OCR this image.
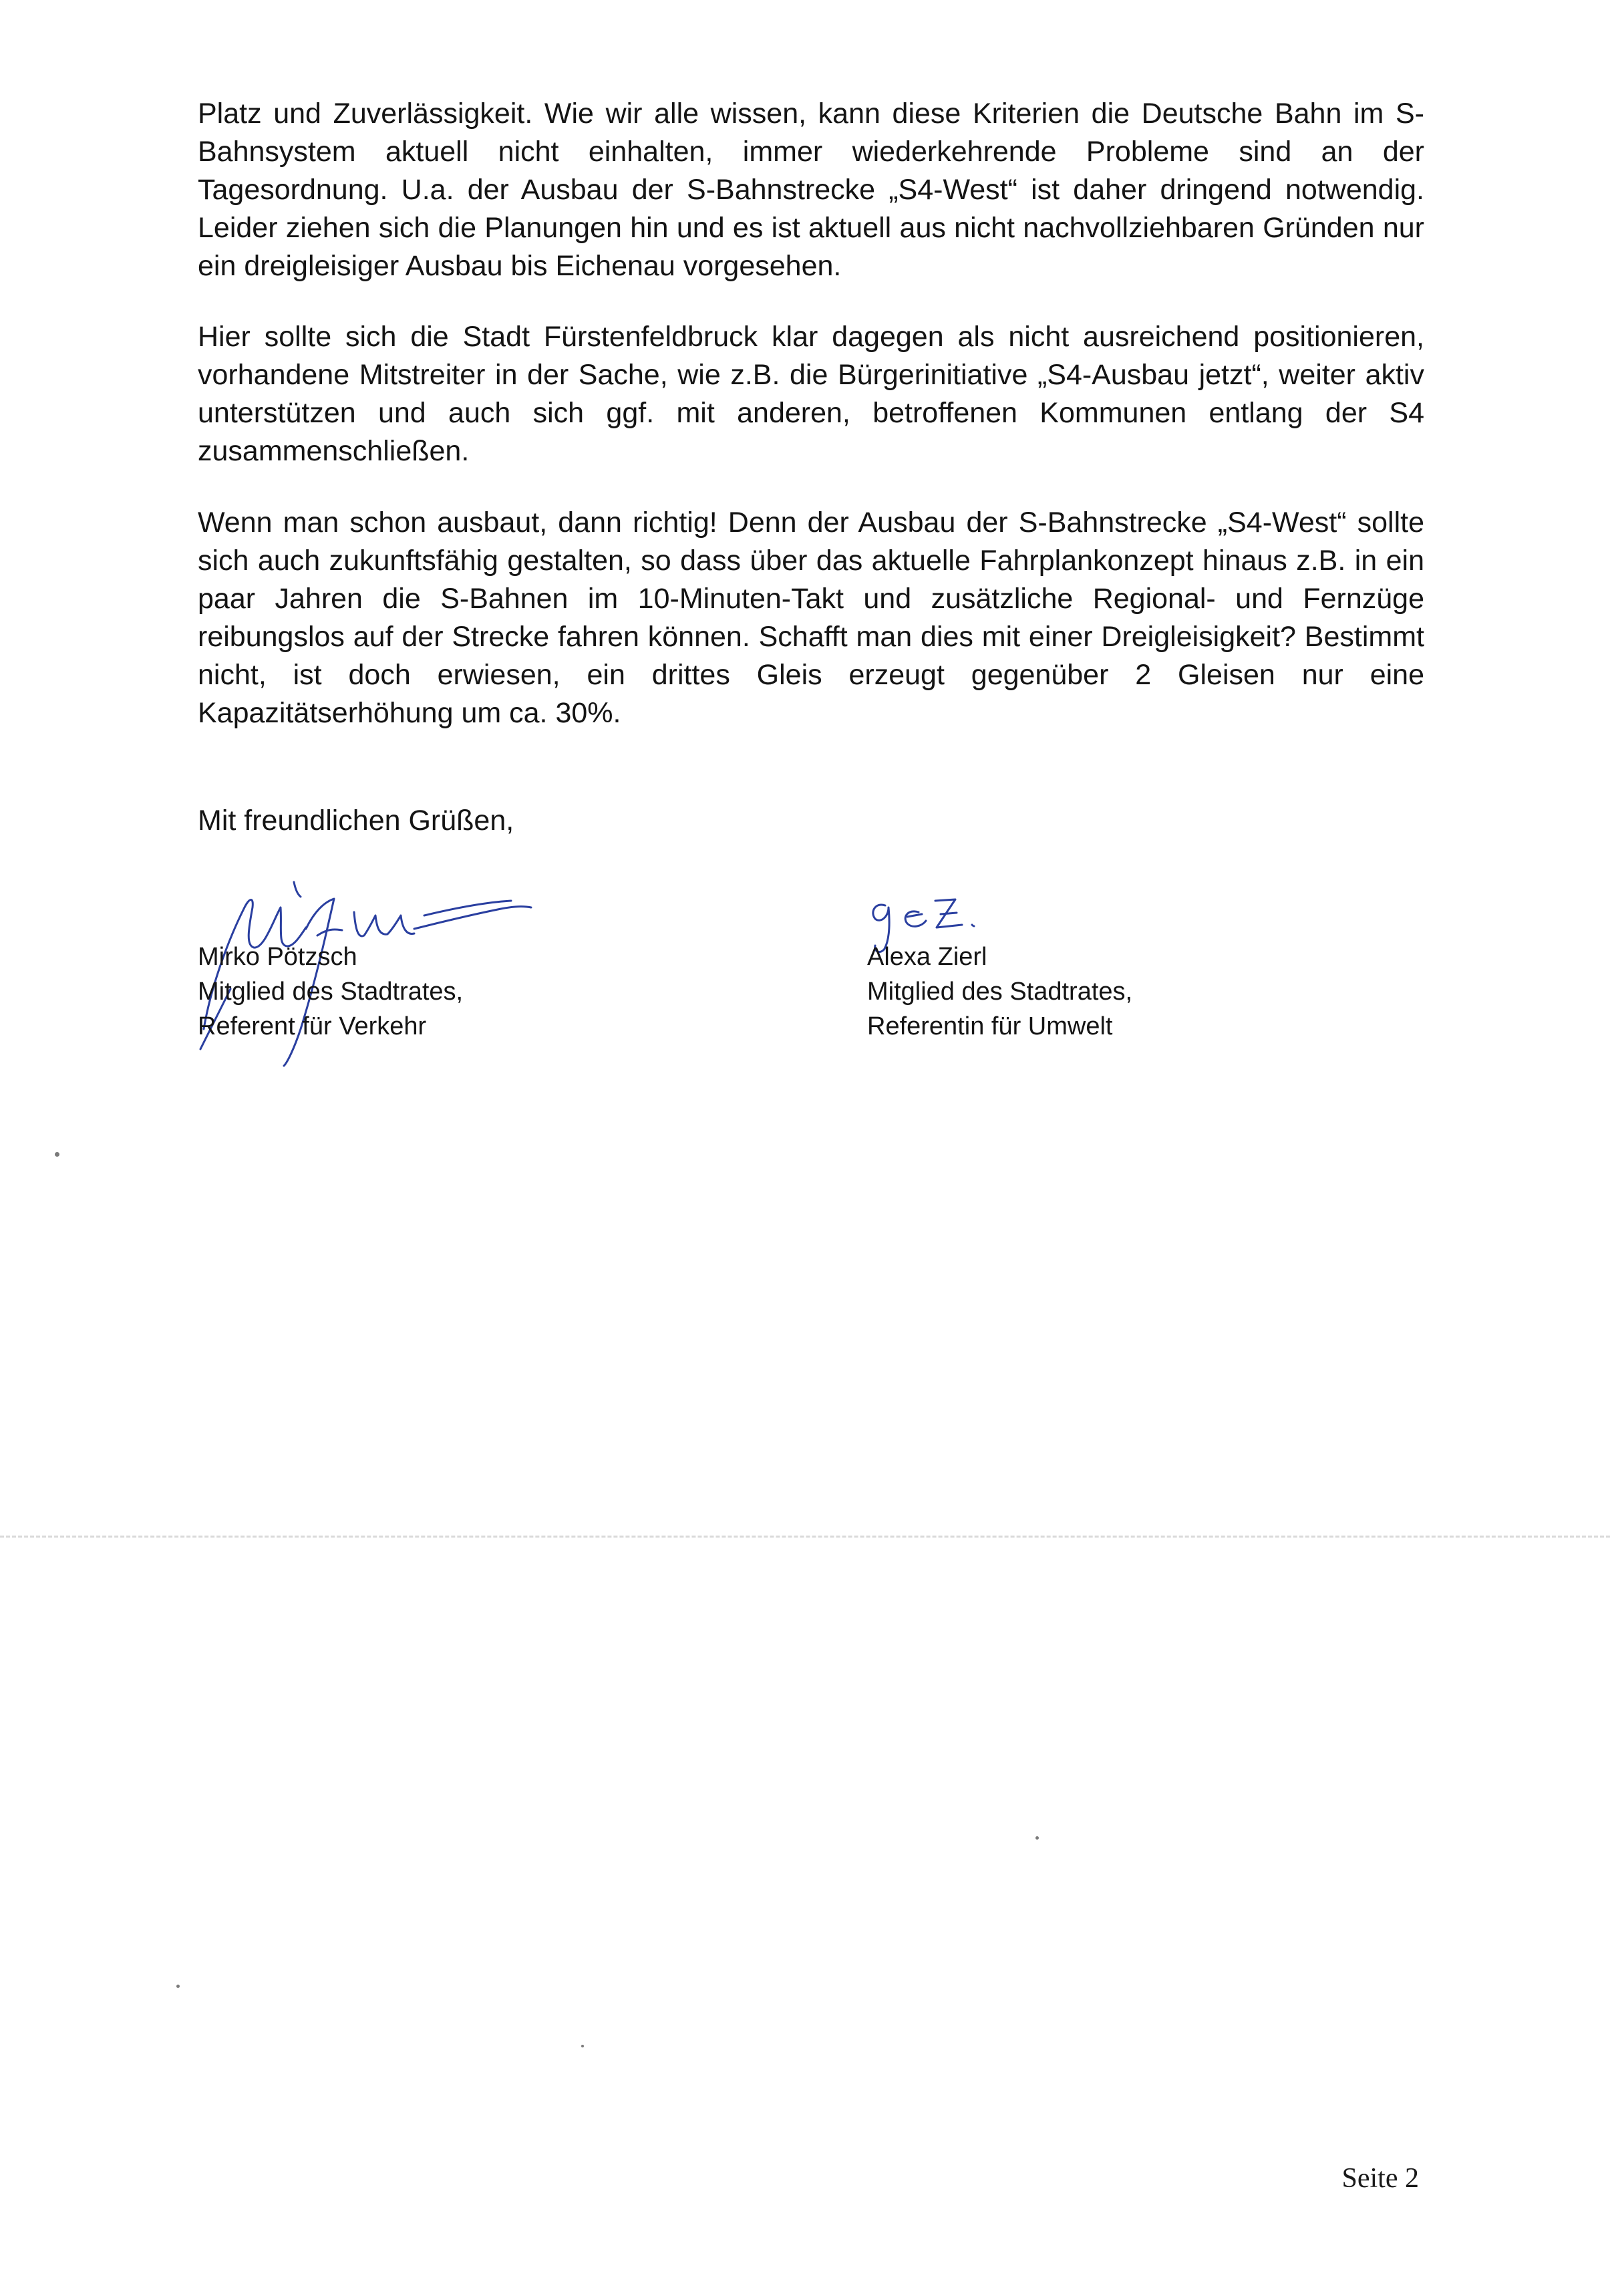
Platz und Zuverlässigkeit. Wie wir alle wissen, kann diese Kriterien die Deutsche Bahn im S-Bahnsystem aktuell nicht einhalten, immer wiederkehrende Probleme sind an der Tagesordnung. U.a. der Ausbau der S-Bahnstrecke „S4-West“ ist daher dringend notwendig. Leider ziehen sich die Planungen hin und es ist aktuell aus nicht nachvollziehbaren Gründen nur ein dreigleisiger Ausbau bis Eichenau vorgesehen.

Hier sollte sich die Stadt Fürstenfeldbruck klar dagegen als nicht ausreichend positionieren, vorhandene Mitstreiter in der Sache, wie z.B. die Bürgerinitiative „S4-Ausbau jetzt“, weiter aktiv unterstützen und auch sich ggf. mit anderen, betroffenen Kommunen entlang der S4 zusammenschließen.

Wenn man schon ausbaut, dann richtig! Denn der Ausbau der S-Bahnstrecke „S4-West“ sollte sich auch zukunftsfähig gestalten, so dass über das aktuelle Fahrplankonzept hinaus z.B. in ein paar Jahren die S-Bahnen im 10-Minuten-Takt und zusätzliche Regional- und Fernzüge reibungslos auf der Strecke fahren können. Schafft man dies mit einer Dreigleisigkeit? Bestimmt nicht, ist doch erwiesen, ein drittes Gleis erzeugt gegenüber 2 Gleisen nur eine Kapazitätserhöhung um ca. 30%.

Mit freundlichen Grüßen,
Mirko Pötzsch
Mitglied des Stadtrates,
Referent für Verkehr
Alexa Zierl
Mitglied des Stadtrates,
Referentin für Umwelt
Seite 2
